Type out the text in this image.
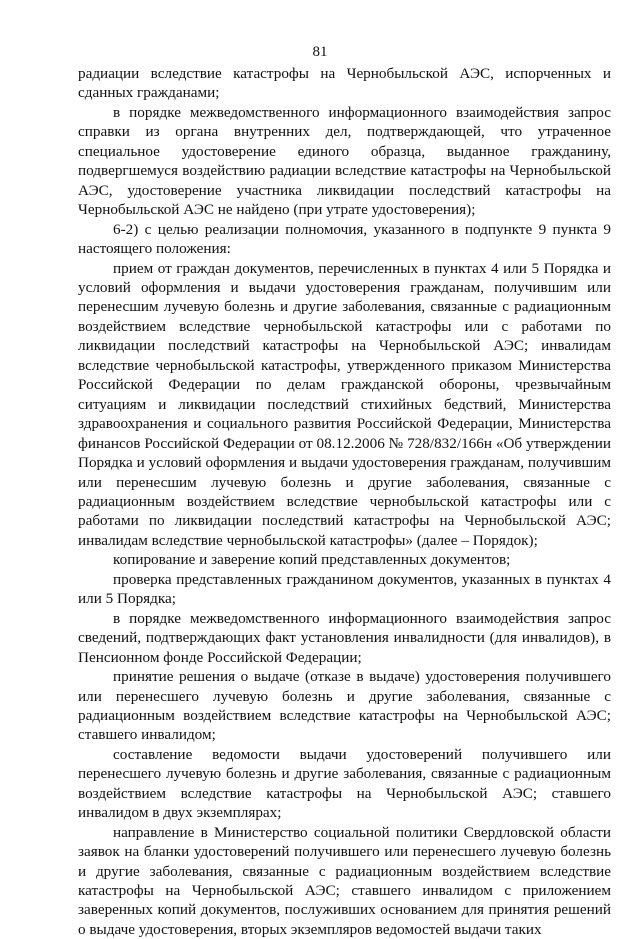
81

радиации вследствие катастрофы на Чернобыльской АЭС, испорченных и сданных гражданами;

в порядке межведомственного информационного взаимодействия запрос справки из органа внутренних дел, подтверждающей, что утраченное специальное удостоверение единого образца, выданное гражданину, подвергшемуся воздействию радиации вследствие катастрофы на Чернобыльской АЭС, удостоверение участника ликвидации последствий катастрофы на Чернобыльской АЭС не найдено (при утрате удостоверения);

6-2) с целью реализации полномочия, указанного в подпункте 9 пункта 9 настоящего положения:

прием от граждан документов, перечисленных в пунктах 4 или 5 Порядка и условий оформления и выдачи удостоверения гражданам, получившим или перенесшим лучевую болезнь и другие заболевания, связанные с радиационным воздействием вследствие чернобыльской катастрофы или с работами по ликвидации последствий катастрофы на Чернобыльской АЭС; инвалидам вследствие чернобыльской катастрофы, утвержденного приказом Министерства Российской Федерации по делам гражданской обороны, чрезвычайным ситуациям и ликвидации последствий стихийных бедствий, Министерства здравоохранения и социального развития Российской Федерации, Министерства финансов Российской Федерации от 08.12.2006 № 728/832/166н «Об утверждении Порядка и условий оформления и выдачи удостоверения гражданам, получившим или перенесшим лучевую болезнь и другие заболевания, связанные с радиационным воздействием вследствие чернобыльской катастрофы или с работами по ликвидации последствий катастрофы на Чернобыльской АЭС; инвалидам вследствие чернобыльской катастрофы» (далее – Порядок);

копирование и заверение копий представленных документов;

проверка представленных гражданином документов, указанных в пунктах 4 или 5 Порядка;

в порядке межведомственного информационного взаимодействия запрос сведений, подтверждающих факт установления инвалидности (для инвалидов), в Пенсионном фонде Российской Федерации;

принятие решения о выдаче (отказе в выдаче) удостоверения получившего или перенесшего лучевую болезнь и другие заболевания, связанные с радиационным воздействием вследствие катастрофы на Чернобыльской АЭС; ставшего инвалидом;

составление ведомости выдачи удостоверений получившего или перенесшего лучевую болезнь и другие заболевания, связанные с радиационным воздействием вследствие катастрофы на Чернобыльской АЭС; ставшего инвалидом в двух экземплярах;

направление в Министерство социальной политики Свердловской области заявок на бланки удостоверений получившего или перенесшего лучевую болезнь и другие заболевания, связанные с радиационным воздействием вследствие катастрофы на Чернобыльской АЭС; ставшего инвалидом с приложением заверенных копий документов, послуживших основанием для принятия решений о выдаче удостоверения, вторых экземпляров ведомостей выдачи таких
